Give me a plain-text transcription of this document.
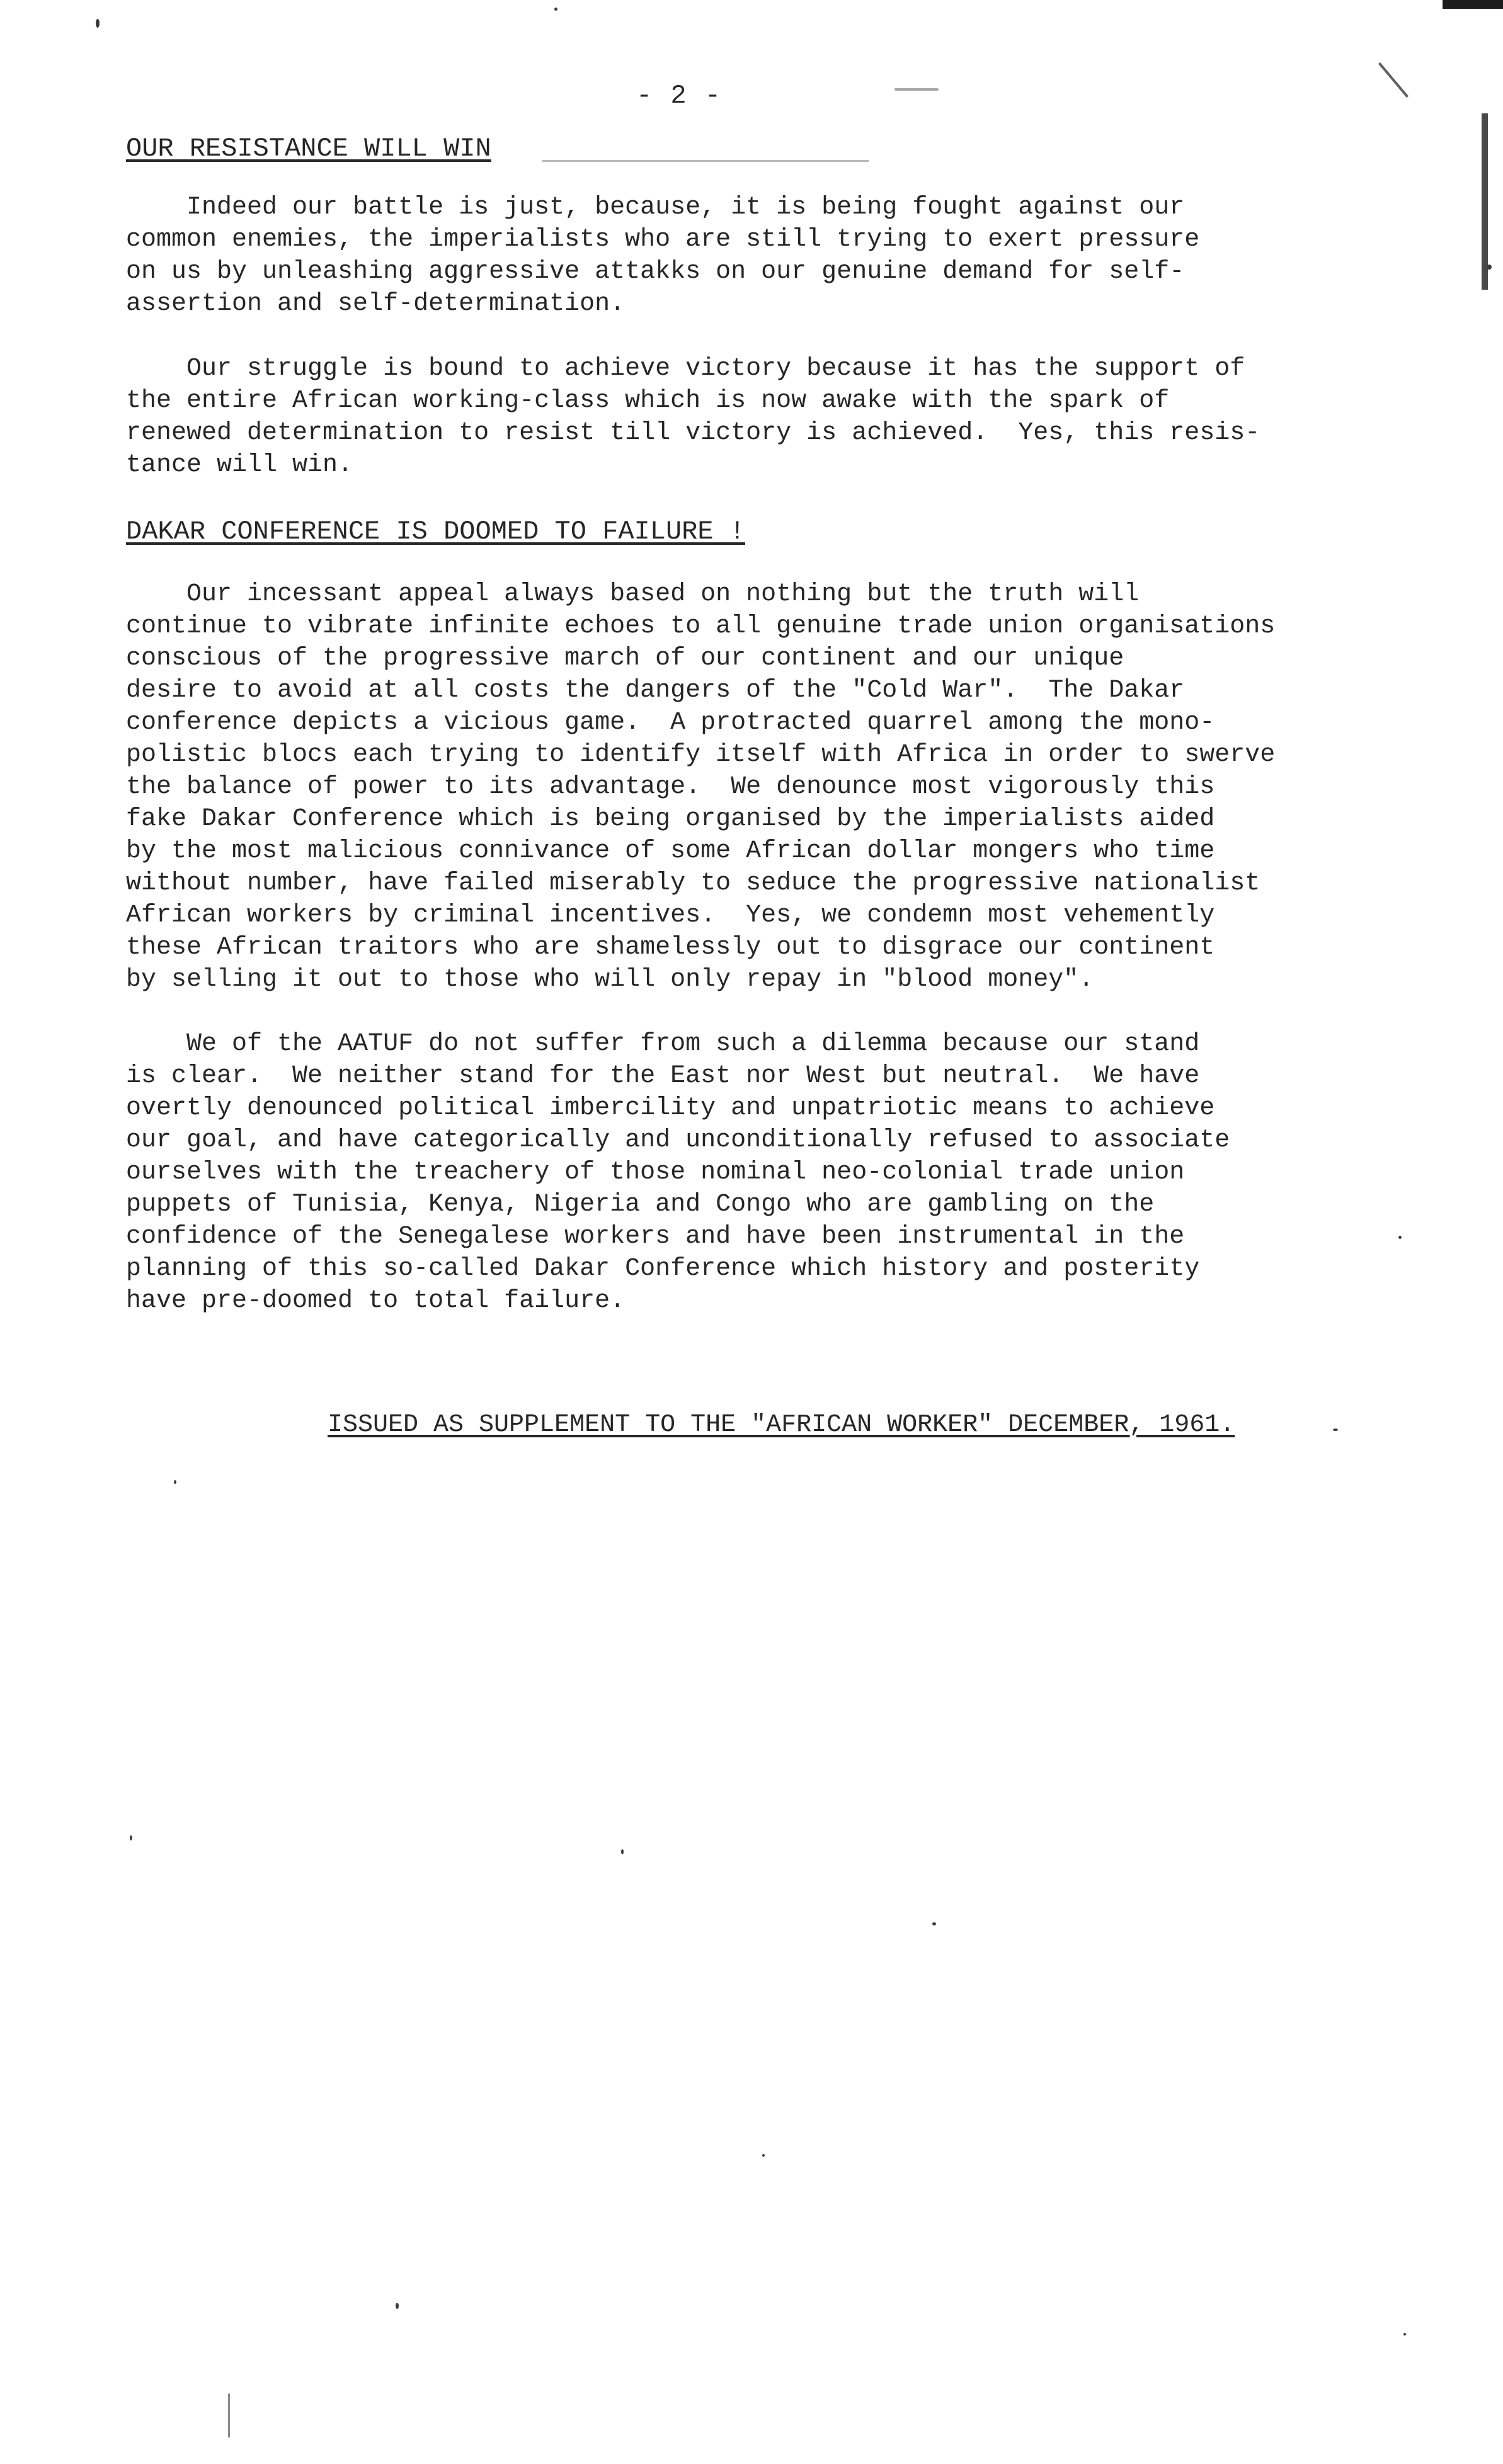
- 2 -
OUR RESISTANCE WILL WIN
Indeed our battle is just, because, it is being fought against our
common enemies, the imperialists who are still trying to exert pressure
on us by unleashing aggressive attakks on our genuine demand for self-
assertion and self-determination.
Our struggle is bound to achieve victory because it has the support of
the entire African working-class which is now awake with the spark of
renewed determination to resist till victory is achieved.  Yes, this resis-
tance will win.
DAKAR CONFERENCE IS DOOMED TO FAILURE !
Our incessant appeal always based on nothing but the truth will
continue to vibrate infinite echoes to all genuine trade union organisations
conscious of the progressive march of our continent and our unique
desire to avoid at all costs the dangers of the "Cold War".  The Dakar
conference depicts a vicious game.  A protracted quarrel among the mono-
polistic blocs each trying to identify itself with Africa in order to swerve
the balance of power to its advantage.  We denounce most vigorously this
fake Dakar Conference which is being organised by the imperialists aided
by the most malicious connivance of some African dollar mongers who time
without number, have failed miserably to seduce the progressive nationalist
African workers by criminal incentives.  Yes, we condemn most vehemently
these African traitors who are shamelessly out to disgrace our continent
by selling it out to those who will only repay in "blood money".
We of the AATUF do not suffer from such a dilemma because our stand
is clear.  We neither stand for the East nor West but neutral.  We have
overtly denounced political imbercility and unpatriotic means to achieve
our goal, and have categorically and unconditionally refused to associate
ourselves with the treachery of those nominal neo-colonial trade union
puppets of Tunisia, Kenya, Nigeria and Congo who are gambling on the
confidence of the Senegalese workers and have been instrumental in the
planning of this so-called Dakar Conference which history and posterity
have pre-doomed to total failure.
ISSUED AS SUPPLEMENT TO THE "AFRICAN WORKER" DECEMBER, 1961.
